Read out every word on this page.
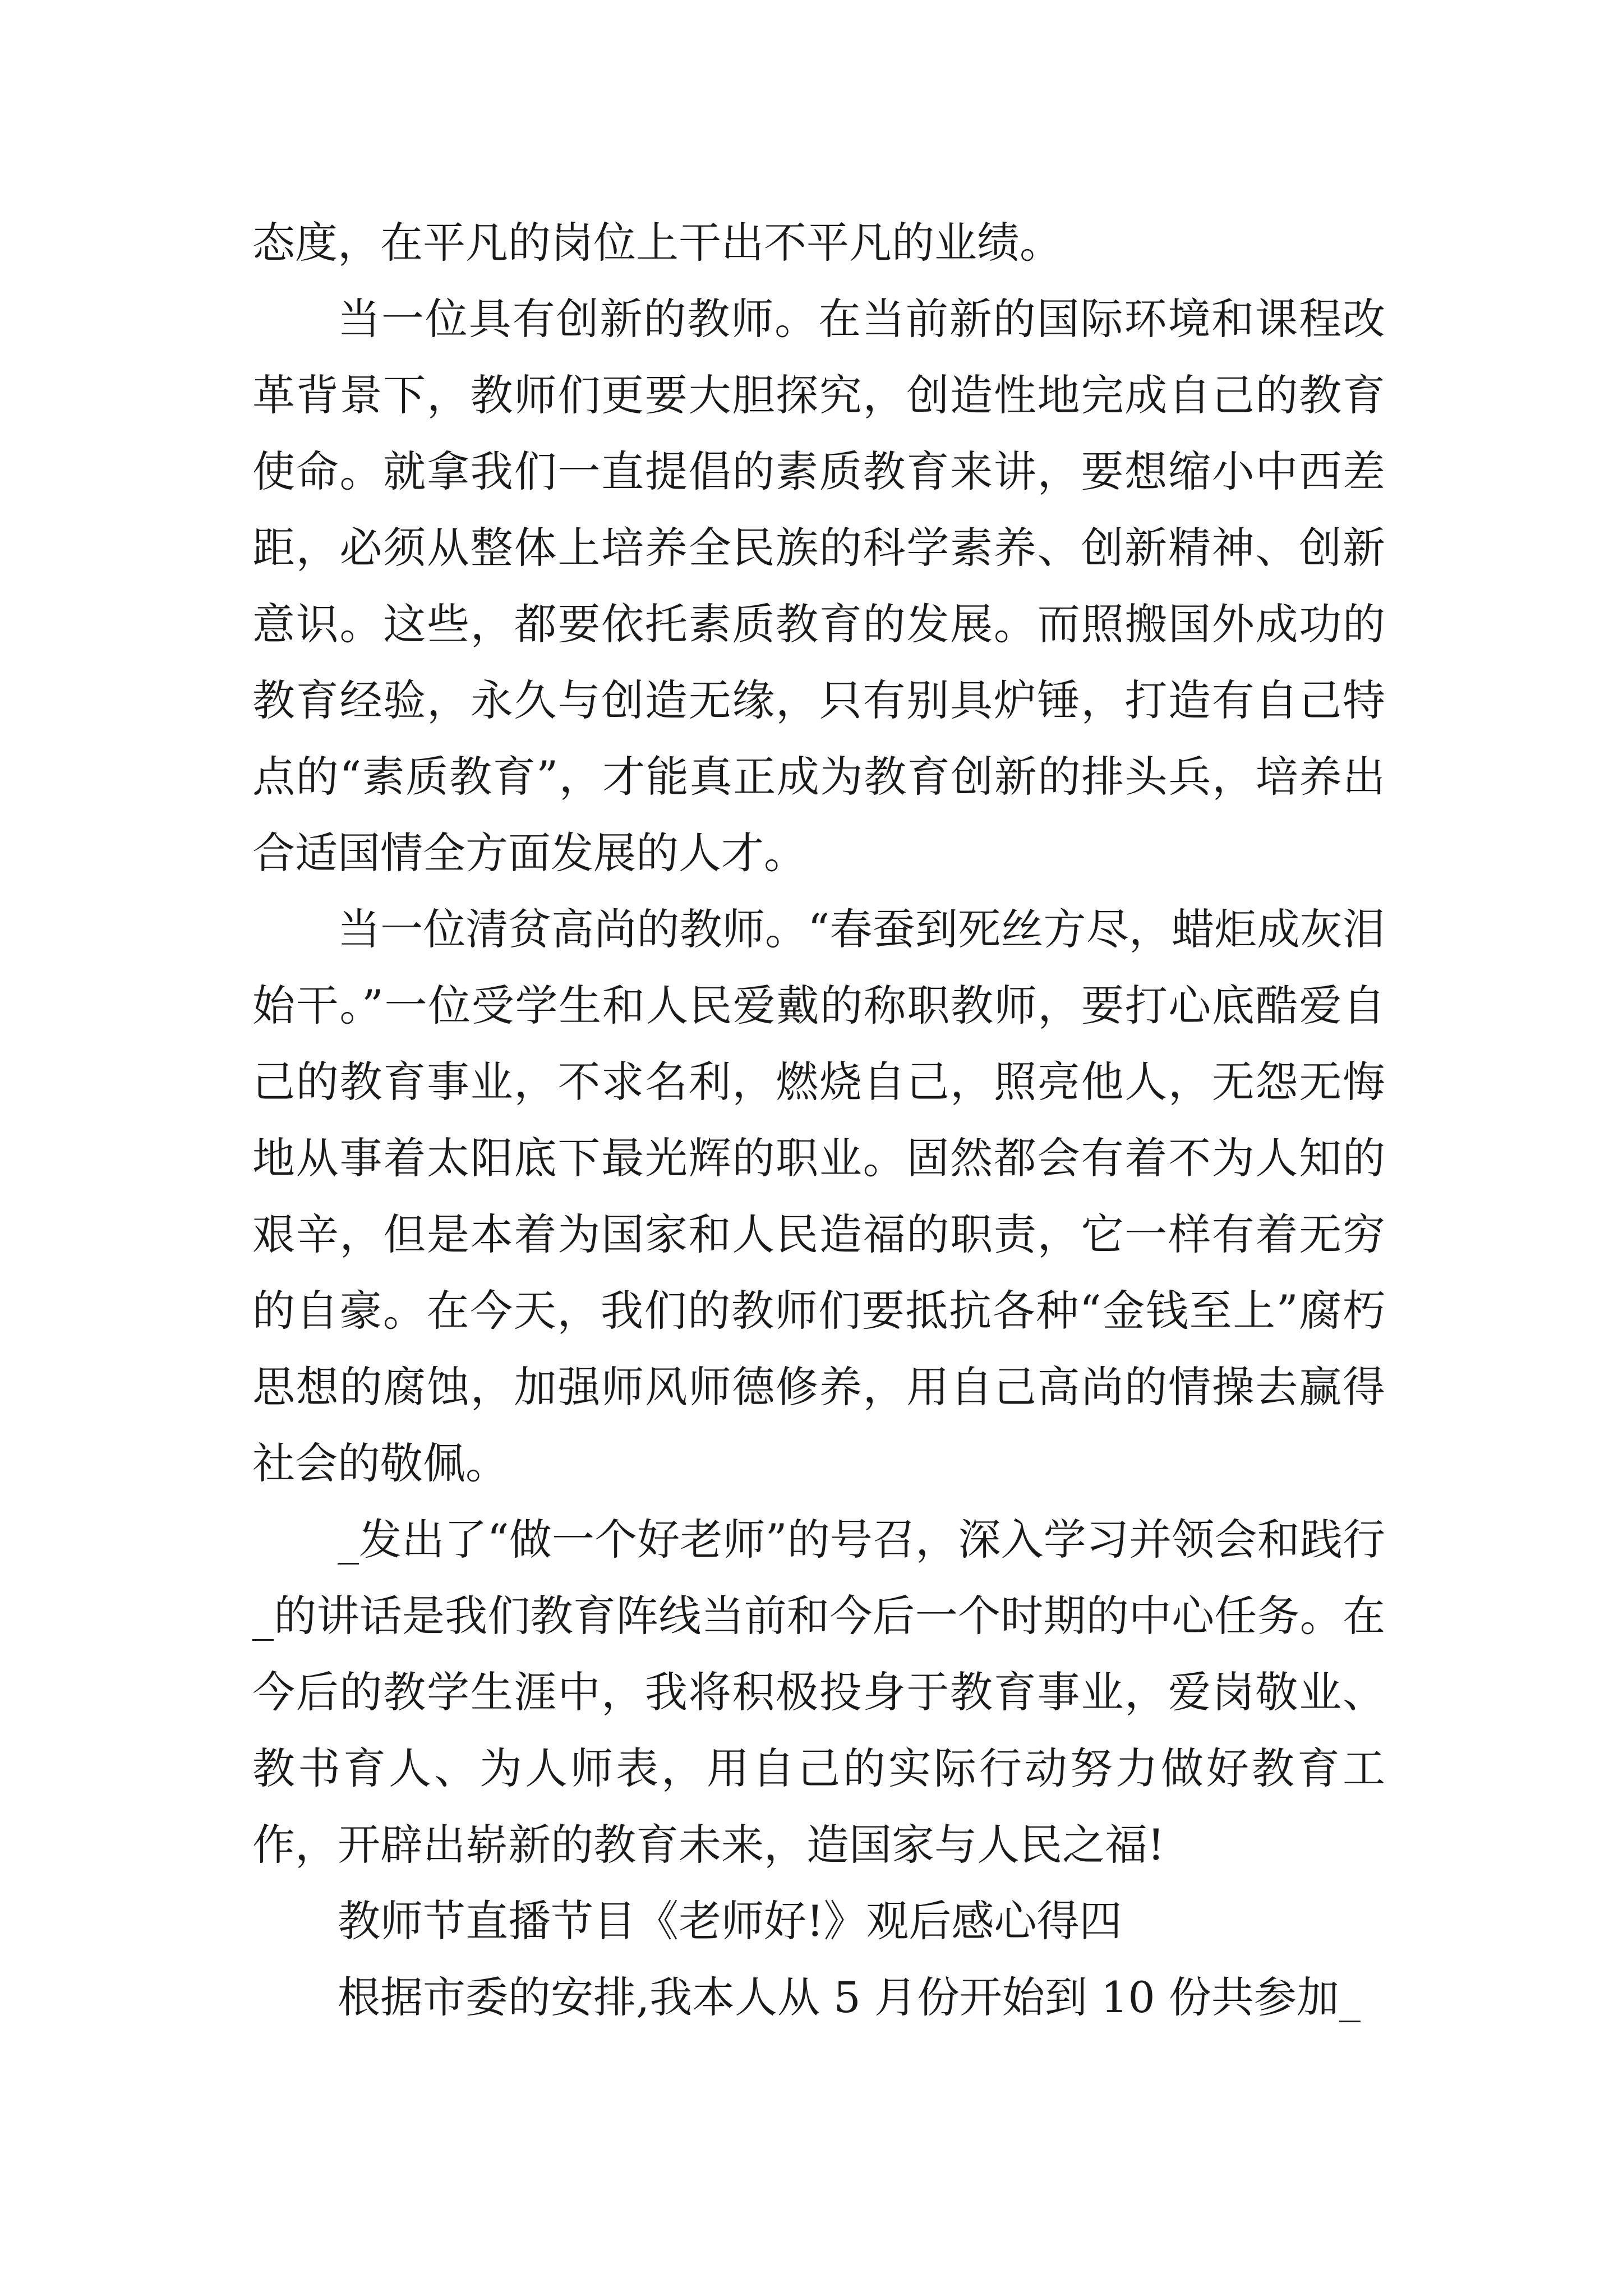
态度，在平凡的岗位上干出不平凡的业绩。

当一位具有创新的教师。在当前新的国际环境和课程改革背景下，教师们更要大胆探究，创造性地完成自己的教育使命。就拿我们一直提倡的素质教育来讲，要想缩小中西差距，必须从整体上培养全民族的科学素养、创新精神、创新意识。这些，都要依托素质教育的发展。而照搬国外成功的教育经验，永久与创造无缘，只有别具炉锤，打造有自己特点的“素质教育”，才能真正成为教育创新的排头兵，培养出合适国情全方面发展的人才。

当一位清贫高尚的教师。“春蚕到死丝方尽，蜡炬成灰泪始干。”一位受学生和人民爱戴的称职教师，要打心底酷爱自己的教育事业，不求名利，燃烧自己，照亮他人，无怨无悔地从事着太阳底下最光辉的职业。固然都会有着不为人知的艰辛，但是本着为国家和人民造福的职责，它一样有着无穷的自豪。在今天，我们的教师们要抵抗各种“金钱至上”腐朽思想的腐蚀，加强师风师德修养，用自己高尚的情操去赢得社会的敬佩。

_发出了“做一个好老师”的号召，深入学习并领会和践行_的讲话是我们教育阵线当前和今后一个时期的中心任务。在今后的教学生涯中，我将积极投身于教育事业，爱岗敬业、教书育人、为人师表，用自己的实际行动努力做好教育工作，开辟出崭新的教育未来，造国家与人民之福!

教师节直播节目《老师好!》观后感心得四

根据市委的安排,我本人从 5 月份开始到 10 份共参加_
